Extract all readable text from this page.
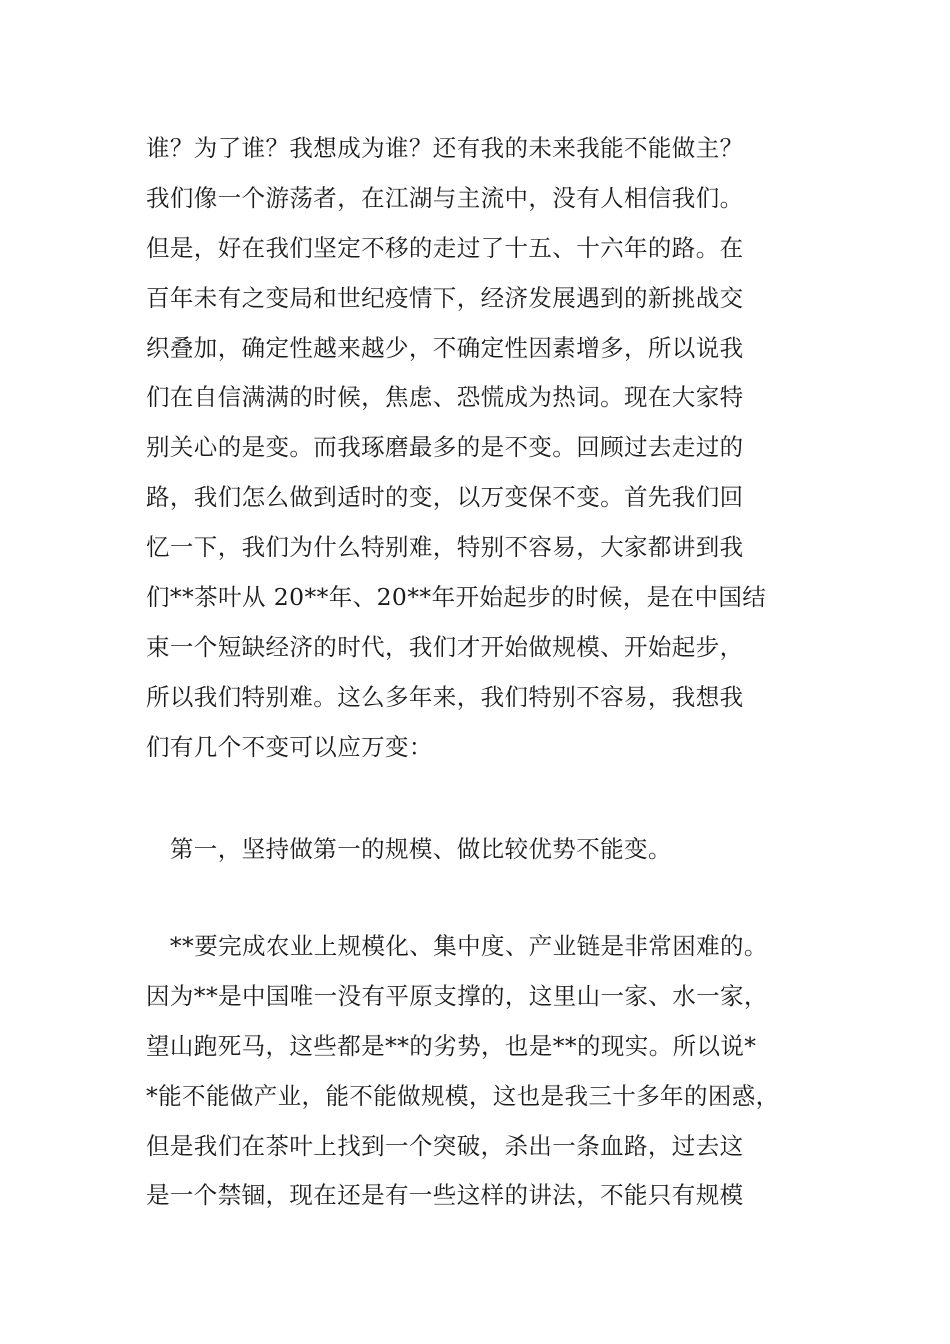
谁？为了谁？我想成为谁？还有我的未来我能不能做主？
我们像一个游荡者，在江湖与主流中，没有人相信我们。
但是，好在我们坚定不移的走过了十五、十六年的路。在
百年未有之变局和世纪疫情下，经济发展遇到的新挑战交
织叠加，确定性越来越少，不确定性因素增多，所以说我
们在自信满满的时候，焦虑、恐慌成为热词。现在大家特
别关心的是变。而我琢磨最多的是不变。回顾过去走过的
路，我们怎么做到适时的变，以万变保不变。首先我们回
忆一下，我们为什么特别难，特别不容易，大家都讲到我
们**茶叶从 20**年、20**年开始起步的时候，是在中国结
束一个短缺经济的时代，我们才开始做规模、开始起步，
所以我们特别难。这么多年来，我们特别不容易，我想我
们有几个不变可以应万变：
　第一，坚持做第一的规模、做比较优势不能变。
　**要完成农业上规模化、集中度、产业链是非常困难的。
因为**是中国唯一没有平原支撑的，这里山一家、水一家，
望山跑死马，这些都是**的劣势，也是**的现实。所以说*
*能不能做产业，能不能做规模，这也是我三十多年的困惑，
但是我们在茶叶上找到一个突破，杀出一条血路，过去这
是一个禁锢，现在还是有一些这样的讲法，不能只有规模
